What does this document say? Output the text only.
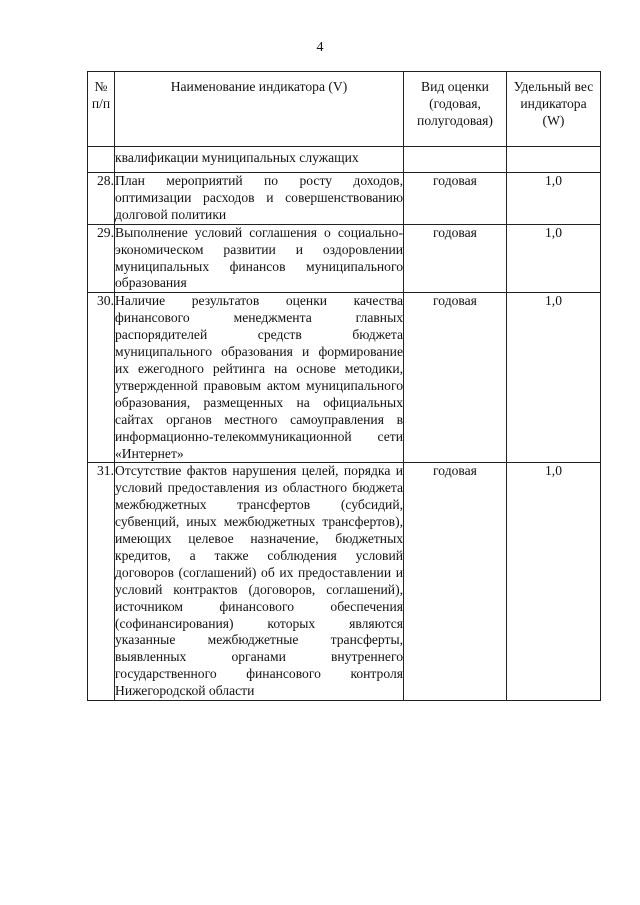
4
№ п/п	Наименование индикатора (V)	Вид оценки (годовая, полугодовая)	Удельный вес индикатора (W)

	квалификации муниципальных служащих		
28.	План мероприятий по росту доходов, оптимизации расходов и совершенствованию долговой политики	годовая	1,0
29.	Выполнение условий соглашения о социально-экономическом развитии и оздоровлении муниципальных финансов муниципального образования	годовая	1,0
30.	Наличие результатов оценки качества финансового менеджмента главных распорядителей средств бюджета муниципального образования и формирование их ежегодного рейтинга на основе методики, утвержденной правовым актом муниципального образования, размещенных на официальных сайтах органов местного самоуправления в информационно-телекоммуникационной сети «Интернет»	годовая	1,0
31.	Отсутствие фактов нарушения целей, порядка и условий предоставления из областного бюджета межбюджетных трансфертов (субсидий, субвенций, иных межбюджетных трансфертов), имеющих целевое назначение, бюджетных кредитов, а также соблюдения условий договоров (соглашений) об их предоставлении и условий контрактов (договоров, соглашений), источником финансового обеспечения (софинансирования) которых являются указанные межбюджетные трансферты, выявленных органами внутреннего государственного финансового контроля Нижегородской области	годовая	1,0
